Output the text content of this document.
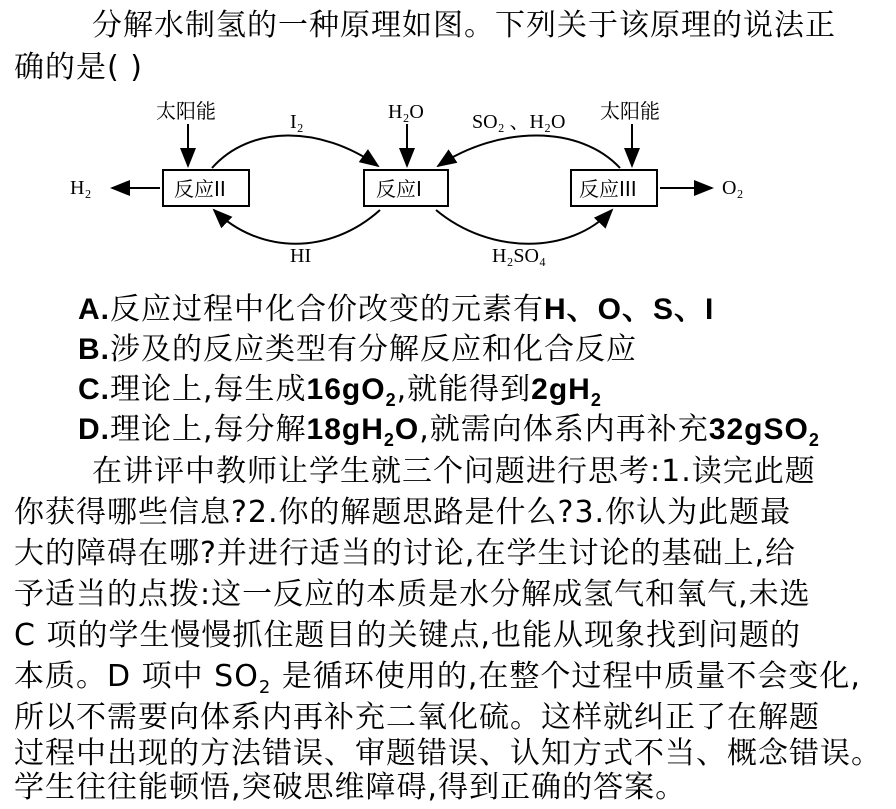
分解水制氢的一种原理如图。下列关于该原理的说法正
确的是( )
反应II	反应I	反应III
太阳能	太阳能
H₂O
I₂	SO₂ 、H₂O
HI	H₂SO₄
H₂	O₂
A.反应过程中化合价改变的元素有H、O、S、I
B.涉及的反应类型有分解反应和化合反应
C.理论上,每生成$16gO_2$,就能得到$2gH_2$
D.理论上,每分解$18gH_2O$,就需向体系内再补充32gSO$_2$
在讲评中教师让学生就三个问题进行思考:1.读完此题
你获得哪些信息?2.你的解题思路是什么?3.你认为此题最
大的障碍在哪?并进行适当的讨论,在学生讨论的基础上,给
予适当的点拨:这一反应的本质是水分解成氢气和氧气,未选
C 项的学生慢慢抓住题目的关键点,也能从现象找到问题的
本质。D 项中 $SO_2$ 是循环使用的,在整个过程中质量不会变化,
所以不需要向体系内再补充二氧化硫。这样就纠正了在解题
过程中出现的方法错误、审题错误、认知方式不当、概念错误。
学生往往能顿悟,突破思维障碍,得到正确的答案。
